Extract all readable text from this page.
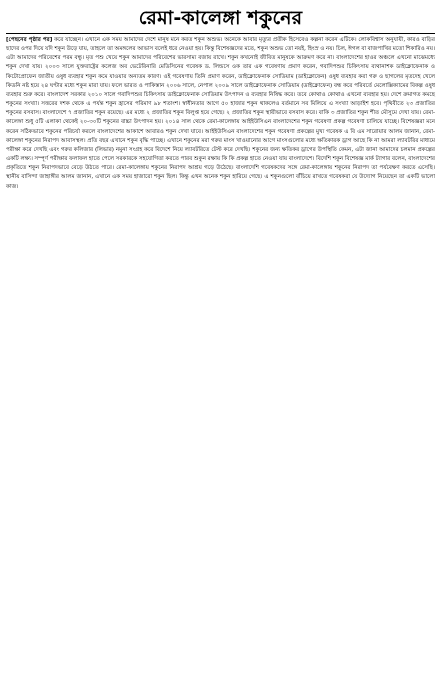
রেমা-কালেঙ্গা শকুনের

[পেছনের পৃষ্ঠার পর] করে যাচ্ছেন। এখানে এক সময় আমাদের দেশে মানুষ মনে করত শকুন অশুভ। অনেকে আবার মৃত্যুর প্রতীক হিসেবেও কল্পনা করেন এটিকে। লোকবিশ্বাস অনুযায়ী, কারও বাড়ির ছাদের ওপর দিয়ে যদি শকুন উড়ে যায়, তাহলে তা অমঙ্গলের আভাস বলেই ধরে নেওয়া হয়। কিন্তু বিশেষজ্ঞদের মতে, শকুন অশুভ তো নয়ই, হিংস্র ও নয়। চিল, ঈগল বা বাজপাখির মতো শিকারিও নয়। এটা আমাদের পরিবেশের পরম বন্ধু। মৃত পশু খেয়ে শকুন আমাদের পরিবেশের ভারসাম্য বজায় রাখে। শকুন কখনোই জীবিত মানুষকে আক্রমণ করে না। বাংলাদেশের হাওর অঞ্চলে এখনো মাঝেমধ্যে শকুন দেখা যায়। ২০০৩ সালে যুক্তরাষ্ট্রের কলেজ অব ভেটেরিনারি মেডিসিনের গবেষক ড. লিন্ডসে ওক তার এক গবেষণায় প্রমাণ করেন, গবাদিপশুর চিকিৎসায় ব্যথানাশক ডাইক্লোফেনাক ও কিটোপ্রোফেন জাতীয় ওষুধ ব্যবহার শকুন কমে যাওয়ার অন্যতম কারণ। ওই গবেষণায় তিনি প্রমাণ করেন, ডাইক্লোফেনাক সোডিয়াম (ডাইক্লোফেন) ওষুধ ব্যবহার করা গরু ও ছাগলের মৃতদেহ খেলে কিডনি নষ্ট হয়ে ২৪ ঘণ্টার মধ্যে শকুন মারা যায়। ফলে ভারত ও পাকিস্তান ২০০৬ সালে, নেপাল ২০০৯ সালে ডাইক্লোফেনাক সোডিয়াম (ডাইক্লোফেন) বন্ধ করে পরিবর্তে মেলোক্সিক্যামের বিকল্প ওষুধ ব্যবহার শুরু করে। বাংলাদেশ সরকার ২০১০ সালে গবাদিপশুর চিকিৎসায় ডাইক্লোফেনাক সোডিয়াম উৎপাদন ও ব্যবহার নিষিদ্ধ করে। তবে কোথাও কোথাও এখনো ব্যবহার হয়। দেশে ক্রমাগত কমছে শকুনের সংখ্যা। সত্তরের দশক থেকে এ পর্যন্ত শকুন হ্রাসের পরিমাণ ৯৮ শতাংশ। স্বাধীনতার আগে ৫০ হাজার শকুন থাকলেও বর্তমানে সব মিলিয়ে এ সংখ্যা আড়াইশ হবে। পৃথিবীতে ২৩ প্রজাতির শকুনের বসবাস। বাংলাদেশে ৭ প্রজাতির শকুন রয়েছে। এর মধ্যে ২ প্রজাতির শকুন বিলুপ্ত হয়ে গেছে। ২ প্রজাতির শকুন স্থায়ীভাবে বসবাস করে। বাকি ৩ প্রজাতির শকুন শীত মৌসুমে দেখা যায়। রেমা-কালেঙ্গা শুধু ৫টি এলাকা থেকেই ২০-৩০টি শকুনের বাচ্চা উৎপাদন হয়। ২০১৪ সাল থেকে রেমা-কালেঙ্গায় আইইউসিএন বাংলাদেশের শকুন গবেষণা প্রকল্প গবেষণা চালিয়ে যাচ্ছে। বিশেষজ্ঞরা মনে করেন সঠিকভাবে শকুনের পরিচর্যা করলে বাংলাদেশের আকাশে আবারও শকুন দেখা যাবে। আইইউসিএন বাংলাদেশের শকুন গবেষণা প্রকল্পের মুখ্য গবেষক এ বি এম সারোয়ার আলম জানান, রেমা-কালেঙ্গা শকুনের নিরাপদ আবাসস্থল। প্রতি বছর এখানে শকুন বৃদ্ধি পাচ্ছে। এখানে শকুনের মরা গরুর মাংস খাওয়ানোর আগে মাংসগুলোর মধ্যে ক্ষতিকারক ড্রাগ আছে কি না আমরা ল্যাবটরির মাধ্যমে পরীক্ষা করে দেখছি এবং গরুর কলিজার (লিভার) নমুনা সংগ্রহ করে বিদেশে নিয়ে ল্যাবটরিতে টেস্ট করে দেখছি। শকুনের জন্য ক্ষতিকর ড্রাগের উপস্থিতি কেমন, এটা জানা আমাদের চলমান প্রকল্পের একটি লক্ষ্য। সম্পূর্ণ পরীক্ষার ফলাফল হাতে পেলে সরকারকে সহযোগিতা করতে পারব শুকুন রক্ষায় কি কি প্রকল্প হাতে নেওয়া যায় বাংলাদেশে। বিদেশি শকুন বিশেষজ্ঞ মার্ক ট্যাগার বলেন, বাংলাদেশের প্রকৃতিতে শকুন নিরাপদভাবে বেড়ে উঠতে পারে। রেমা-কালেঙ্গায় শকুনের নিরাপদ আশ্রয় গড়ে উঠেছে। বাংলাদেশি গবেষকদের সঙ্গে রেমা-কালেঙ্গায় শকুনের নিরাপদ তা পর্যবেক্ষণ করতে এসেছি। স্থানীয় বাসিন্দা জাহাঙ্গীর আলম জানান, এখানে এক সময় হাজারো শকুন ছিল। কিন্তু এখন অনেক শকুন হারিয়ে গেছে। এ শকুনগুলো বাঁচিয়ে রাখতে গবেষকরা যে উদ্যোগ নিয়েছেন তা একটি ভালো কাজ।
